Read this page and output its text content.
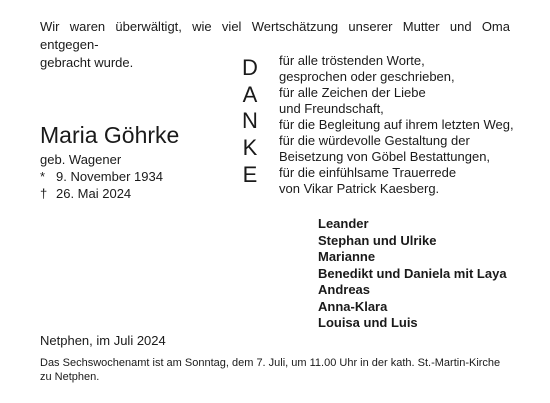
Wir waren überwältigt, wie viel Wertschätzung unserer Mutter und Oma entgegen-
gebracht wurde.
Maria Göhrke
geb. Wagener
* 9. November 1934
† 26. Mai 2024
D
A
N
K
E
für alle tröstenden Worte,
gesprochen oder geschrieben,
für alle Zeichen der Liebe
und Freundschaft,
für die Begleitung auf ihrem letzten Weg,
für die würdevolle Gestaltung der
Beisetzung von Göbel Bestattungen,
für die einfühlsame Trauerrede
von Vikar Patrick Kaesberg.
Leander
Stephan und Ulrike
Marianne
Benedikt und Daniela mit Laya
Andreas
Anna-Klara
Louisa und Luis
Netphen, im Juli 2024
Das Sechswochenamt ist am Sonntag, dem 7. Juli, um 11.00 Uhr in der kath. St.-Martin-Kirche
zu Netphen.
